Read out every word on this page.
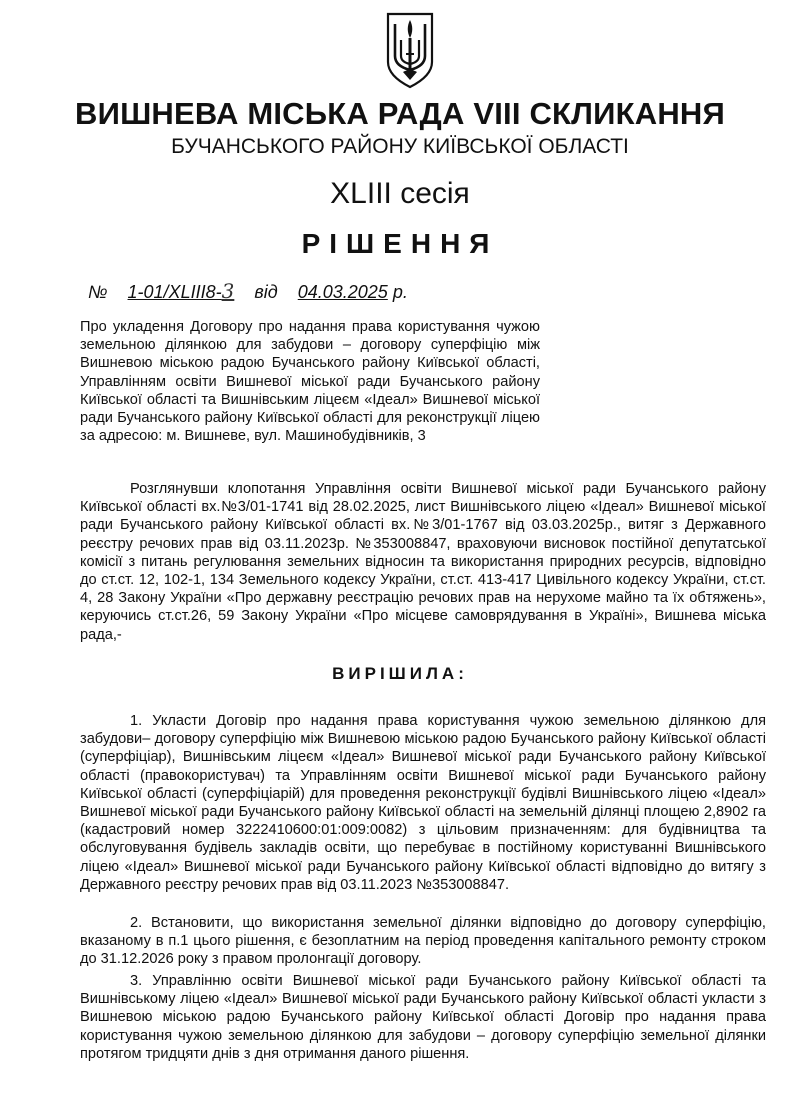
ВИШНЕВА МІСЬКА РАДА VIII СКЛИКАННЯ
БУЧАНСЬКОГО РАЙОНУ КИЇВСЬКОЇ ОБЛАСТІ
XLIII сесія
РІШЕННЯ
№ 1-01/XLIII8-3 від 04.03.2025 р.
Про укладення Договору про надання права користування чужою земельною ділянкою для забудови – договору суперфіцію між Вишневою міською радою Бучанського району Київської області, Управлінням освіти Вишневої міської ради Бучанського району Київської області та Вишнівським ліцеєм «Ідеал» Вишневої міської ради Бучанського району Київської області для реконструкції ліцею за адресою: м. Вишневе, вул. Машинобудівників, 3

Розглянувши клопотання Управління освіти Вишневої міської ради Бучанського району Київської області вх.№3/01-1741 від 28.02.2025, лист Вишнівського ліцею «Ідеал» Вишневої міської ради Бучанського району Київської області вх.№3/01-1767 від 03.03.2025р., витяг з Державного реєстру речових прав від 03.11.2023р. №353008847, враховуючи висновок постійної депутатської комісії з питань регулювання земельних відносин та використання природних ресурсів, відповідно до ст.ст. 12, 102-1, 134 Земельного кодексу України, ст.ст. 413-417 Цивільного кодексу України, ст.ст. 4, 28 Закону України «Про державну реєстрацію речових прав на нерухоме майно та їх обтяжень», керуючись ст.ст.26, 59 Закону України «Про місцеве самоврядування в Україні», Вишнева міська рада,-

ВИРІШИЛА:

1. Укласти Договір про надання права користування чужою земельною ділянкою для забудови– договору суперфіцію між Вишневою міською радою Бучанського району Київської області (суперфіціар), Вишнівським ліцеєм «Ідеал» Вишневої міської ради Бучанського району Київської області (правокористувач) та Управлінням освіти Вишневої міської ради Бучанського району Київської області (суперфіціарій) для проведення реконструкції будівлі Вишнівського ліцею «Ідеал» Вишневої міської ради Бучанського району Київської області на земельній ділянці площею 2,8902 га (кадастровий номер 3222410600:01:009:0082) з цільовим призначенням: для будівництва та обслуговування будівель закладів освіти, що перебуває в постійному користуванні Вишнівського ліцею «Ідеал» Вишневої міської ради Бучанського району Київської області відповідно до витягу з Державного реєстру речових прав від 03.11.2023 №353008847.

2. Встановити, що використання земельної ділянки відповідно до договору суперфіцію, вказаному в п.1 цього рішення, є безоплатним на період проведення капітального ремонту строком до 31.12.2026 року з правом пролонгації договору.

3. Управлінню освіти Вишневої міської ради Бучанського району Київської області та Вишнівському ліцею «Ідеал» Вишневої міської ради Бучанського району Київської області укласти з Вишневою міською радою Бучанського району Київської області Договір про надання права користування чужою земельною ділянкою для забудови – договору суперфіцію земельної ділянки протягом тридцяти днів з дня отримання даного рішення.
